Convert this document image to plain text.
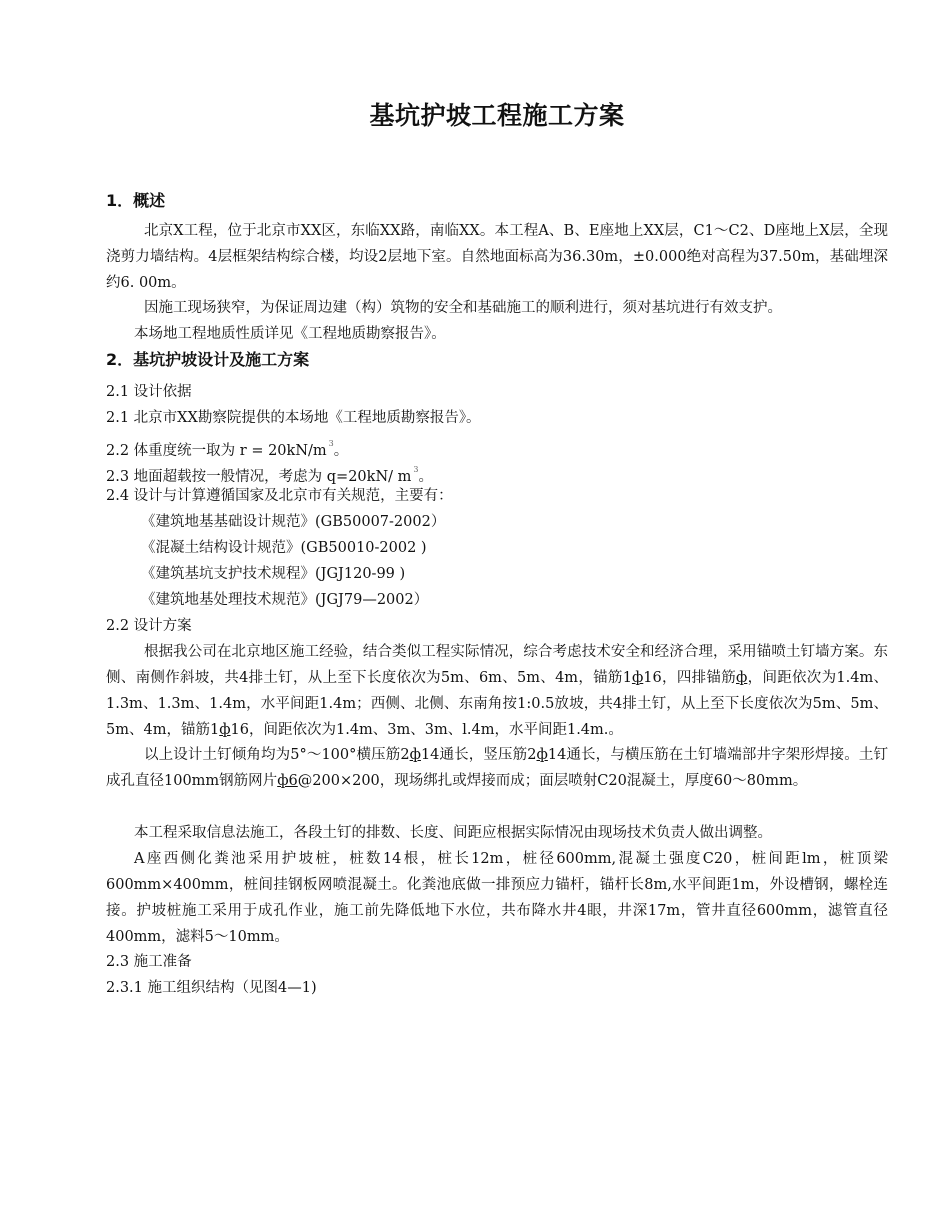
基坑护坡工程施工方案
1．概述
北京X工程，位于北京市XX区，东临XX路，南临XX。本工程A、B、E座地上XX层，C1～C2、D座地上X层，全现浇剪力墙结构。4层框架结构综合楼，均设2层地下室。自然地面标高为36.30m，±0.000绝对高程为37.50m，基础埋深约6. 00m。
因施工现场狭窄，为保证周边建（构）筑物的安全和基础施工的顺利进行，须对基坑进行有效支护。
本场地工程地质性质详见《工程地质勘察报告》。
2．基坑护坡设计及施工方案
2.1 设计依据
2.1 北京市XX勘察院提供的本场地《工程地质勘察报告》。
2.2 体重度统一取为 r = 20kN/m $^3$。
2.3 地面超载按一般情况，考虑为 q=20kN/ m $^3$。
2.4 设计与计算遵循国家及北京市有关规范，主要有：
《建筑地基基础设计规范》(GB50007-2002）
《混凝土结构设计规范》(GB50010-2002 )
《建筑基坑支护技术规程》(JGJ120-99 )
《建筑地基处理技术规范》(JGJ79—2002）
2.2 设计方案
根据我公司在北京地区施工经验，结合类似工程实际情况，综合考虑技术安全和经济合理，采用锚喷土钉墙方案。东侧、南侧作斜坡，共4排土钉，从上至下长度依次为5m、6m、5m、4m，锚筋1ф16，四排锚筋ф，间距依次为1.4m、1.3m、1.3m、1.4m，水平间距1.4m；西侧、北侧、东南角按1:0.5放坡，共4排土钉，从上至下长度依次为5m、5m、5m、4m，锚筋1ф16，间距依次为1.4m、3m、3m、l.4m，水平间距1.4m.。
以上设计土钉倾角均为5°～100°横压筋2ф14通长，竖压筋2ф14通长，与横压筋在土钉墙端部井字架形焊接。土钉成孔直径100mm钢筋网片ф6@200×200，现场绑扎或焊接而成；面层喷射C20混凝土，厚度60～80mm。
本工程采取信息法施工，各段土钉的排数、长度、间距应根据实际情况由现场技术负责人做出调整。
A座西侧化粪池采用护坡桩，桩数14根，桩长12m，桩径600mm,混凝土强度C20，桩间距lm，桩顶梁600mm×400mm，桩间挂钢板网喷混凝土。化粪池底做一排预应力锚杆，锚杆长8m,水平间距1m，外设槽钢，螺栓连接。护坡桩施工采用于成孔作业，施工前先降低地下水位，共布降水井4眼，井深17m，管井直径600mm，滤管直径400mm，滤料5～10mm。
2.3 施工准备
2.3.1 施工组织结构（见图4—1)
